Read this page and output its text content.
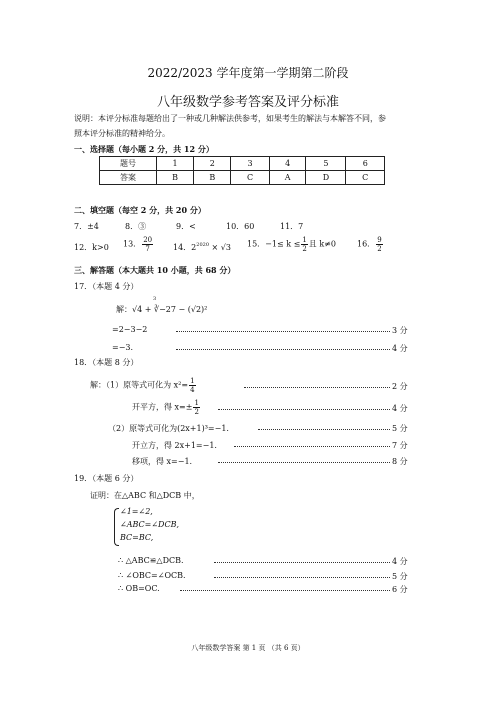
2022/2023 学年度第一学期第二阶段
八年级数学参考答案及评分标准
说明：本评分标准每题给出了一种或几种解法供参考，如果考生的解法与本解答不同，参
照本评分标准的精神给分。
一、选择题（每小题 2 分，共 12 分）
题号	1	2	3	4	5	6
答案	B	B	C	A	D	C
二、填空题（每空 2 分，共 20 分）
7．±4	8．③	9．<	10．60	11．7
12．k>0 13． $\frac{20}{7} 14$．$2^{2020} \times √3$ 15．$-1\le k \le \frac{1}{2}$ 且 k≠0	16． $\frac{9}{2}$
三、解答题（本大题共 10 小题，共 68 分）
17．（本题 4 分）
3
解：√4 + ∛−27 − (√2)²
=2−3−2	3 分
=−3.	4 分
18．（本题 8 分）
解：（1）原等式可化为 $x^2= \frac{1}{4}$	2 分
开平方，得 $x=\pm \frac{1}{2}$	4 分
（2）原等式可化为(2x+1)³=−1.	5 分
开立方，得 2x+1=−1.	7 分
移项，得 x=−1.	8 分
19．（本题 6 分）
证明：在△ABC 和△DCB 中，
∠1=∠2,
∠ABC=∠DCB,
BC=BC,
∴ △ABC≌△DCB.	4 分
∴ ∠OBC=∠OCB.	5 分
∴ OB=OC.	6 分
八年级数学答案 第 1 页 （共 6 页）
